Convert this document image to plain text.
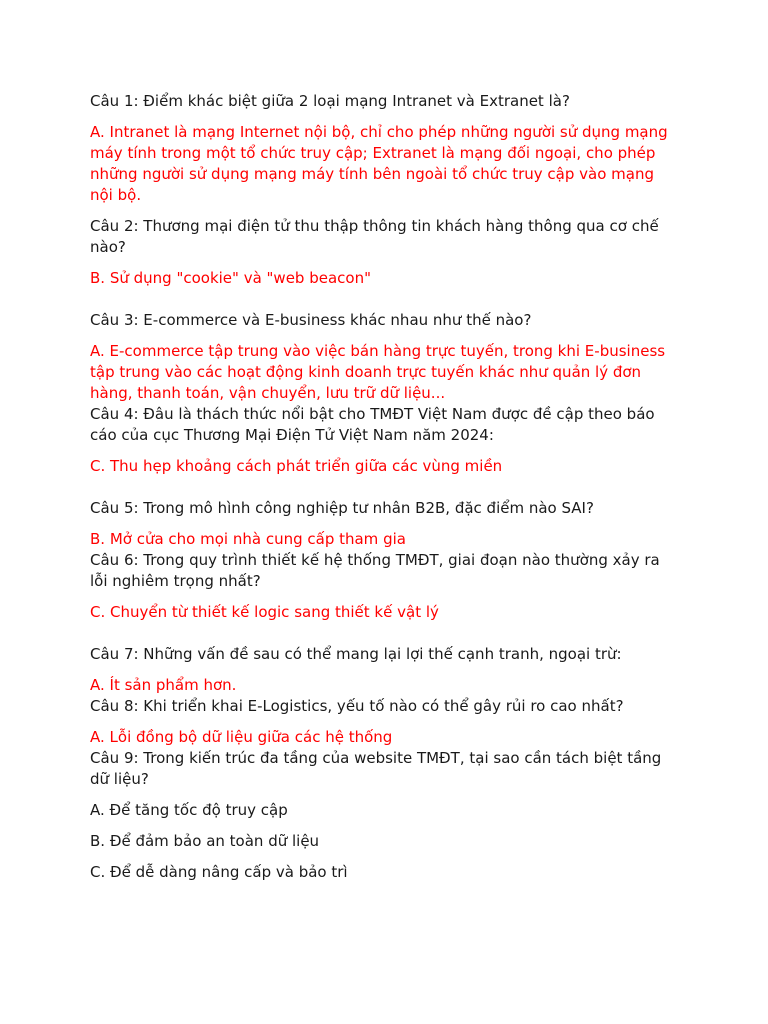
Câu 1: Điểm khác biệt giữa 2 loại mạng Intranet và Extranet là?

A. Intranet là mạng Internet nội bộ, chỉ cho phép những người sử dụng mạng máy tính trong một tổ chức truy cập; Extranet là mạng đối ngoại, cho phép những người sử dụng mạng máy tính bên ngoài tổ chức truy cập vào mạng nội bộ.

Câu 2: Thương mại điện tử thu thập thông tin khách hàng thông qua cơ chế nào?

B. Sử dụng "cookie" và "web beacon"

Câu 3: E-commerce và E-business khác nhau như thế nào?

A. E-commerce tập trung vào việc bán hàng trực tuyến, trong khi E-business tập trung vào các hoạt động kinh doanh trực tuyến khác như quản lý đơn hàng, thanh toán, vận chuyển, lưu trữ dữ liệu...

Câu 4: Đâu là thách thức nổi bật cho TMĐT Việt Nam được đề cập theo báo cáo của cục Thương Mại Điện Tử Việt Nam năm 2024:

C. Thu hẹp khoảng cách phát triển giữa các vùng miền

Câu 5: Trong mô hình công nghiệp tư nhân B2B, đặc điểm nào SAI?

B. Mở cửa cho mọi nhà cung cấp tham gia

Câu 6: Trong quy trình thiết kế hệ thống TMĐT, giai đoạn nào thường xảy ra lỗi nghiêm trọng nhất?

C. Chuyển từ thiết kế logic sang thiết kế vật lý

Câu 7: Những vấn đề sau có thể mang lại lợi thế cạnh tranh, ngoại trừ:

A. Ít sản phẩm hơn.

Câu 8: Khi triển khai E-Logistics, yếu tố nào có thể gây rủi ro cao nhất?

A. Lỗi đồng bộ dữ liệu giữa các hệ thống

Câu 9: Trong kiến trúc đa tầng của website TMĐT, tại sao cần tách biệt tầng dữ liệu?

A. Để tăng tốc độ truy cập

B. Để đảm bảo an toàn dữ liệu

C. Để dễ dàng nâng cấp và bảo trì
